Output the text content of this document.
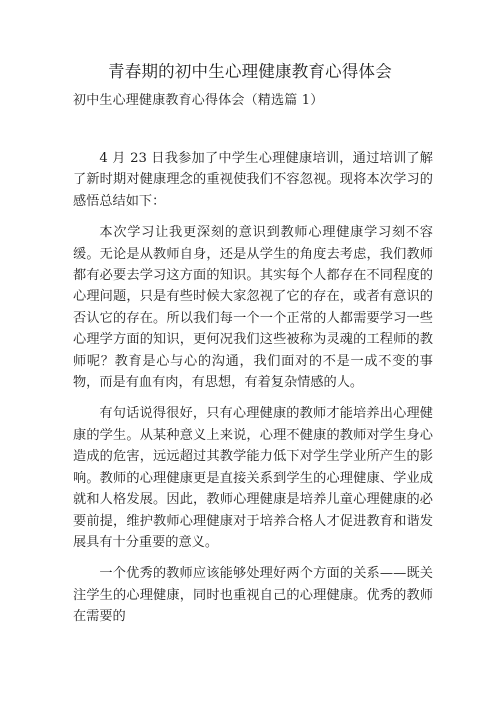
青春期的初中生心理健康教育心得体会
初中生心理健康教育心得体会（精选篇 1）

4 月 23 日我参加了中学生心理健康培训，通过培训了解了新时期对健康理念的重视使我们不容忽视。现将本次学习的感悟总结如下：

本次学习让我更深刻的意识到教师心理健康学习刻不容缓。无论是从教师自身，还是从学生的角度去考虑，我们教师都有必要去学习这方面的知识。其实每个人都存在不同程度的心理问题，只是有些时候大家忽视了它的存在，或者有意识的否认它的存在。所以我们每一个一个正常的人都需要学习一些心理学方面的知识，更何况我们这些被称为灵魂的工程师的教师呢？教育是心与心的沟通，我们面对的不是一成不变的事物，而是有血有肉，有思想，有着复杂情感的人。

有句话说得很好，只有心理健康的教师才能培养出心理健康的学生。从某种意义上来说，心理不健康的教师对学生身心造成的危害，远远超过其教学能力低下对学生学业所产生的影响。教师的心理健康更是直接关系到学生的心理健康、学业成就和人格发展。因此，教师心理健康是培养儿童心理健康的必要前提，维护教师心理健康对于培养合格人才促进教育和谐发展具有十分重要的意义。

一个优秀的教师应该能够处理好两个方面的关系——既关注学生的心理健康，同时也重视自己的心理健康。优秀的教师在需要的
